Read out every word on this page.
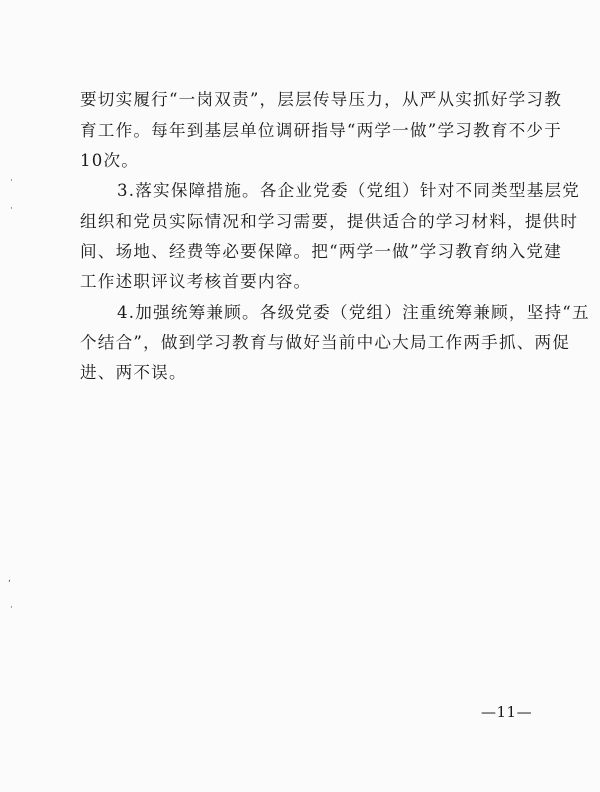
·
·
,
·
要切实履行“一岗双责”，层层传导压力，从严从实抓好学习教
育工作。每年到基层单位调研指导“两学一做”学习教育不少于
10次。
3.落实保障措施。各企业党委（党组）针对不同类型基层党
组织和党员实际情况和学习需要，提供适合的学习材料，提供时
间、场地、经费等必要保障。把“两学一做”学习教育纳入党建
工作述职评议考核首要内容。
4.加强统筹兼顾。各级党委（党组）注重统筹兼顾，坚持“五
个结合”，做到学习教育与做好当前中心大局工作两手抓、两促
进、两不误。
—11—
